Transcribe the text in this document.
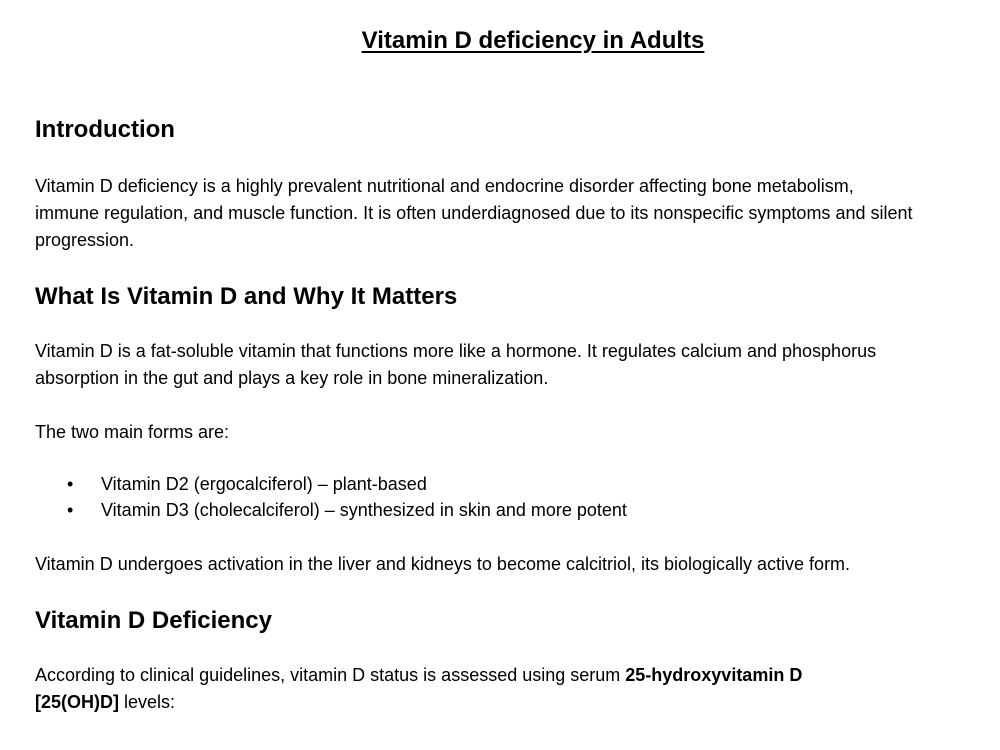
Vitamin D deficiency in Adults
Introduction
Vitamin D deficiency is a highly prevalent nutritional and endocrine disorder affecting bone metabolism,
immune regulation, and muscle function. It is often underdiagnosed due to its nonspecific symptoms and silent
progression.
What Is Vitamin D and Why It Matters
Vitamin D is a fat-soluble vitamin that functions more like a hormone. It regulates calcium and phosphorus
absorption in the gut and plays a key role in bone mineralization.
The two main forms are:
• Vitamin D2 (ergocalciferol) – plant-based
• Vitamin D3 (cholecalciferol) – synthesized in skin and more potent
Vitamin D undergoes activation in the liver and kidneys to become calcitriol, its biologically active form.
Vitamin D Deficiency
According to clinical guidelines, vitamin D status is assessed using serum 25-hydroxyvitamin D
[25(OH)D] levels:
